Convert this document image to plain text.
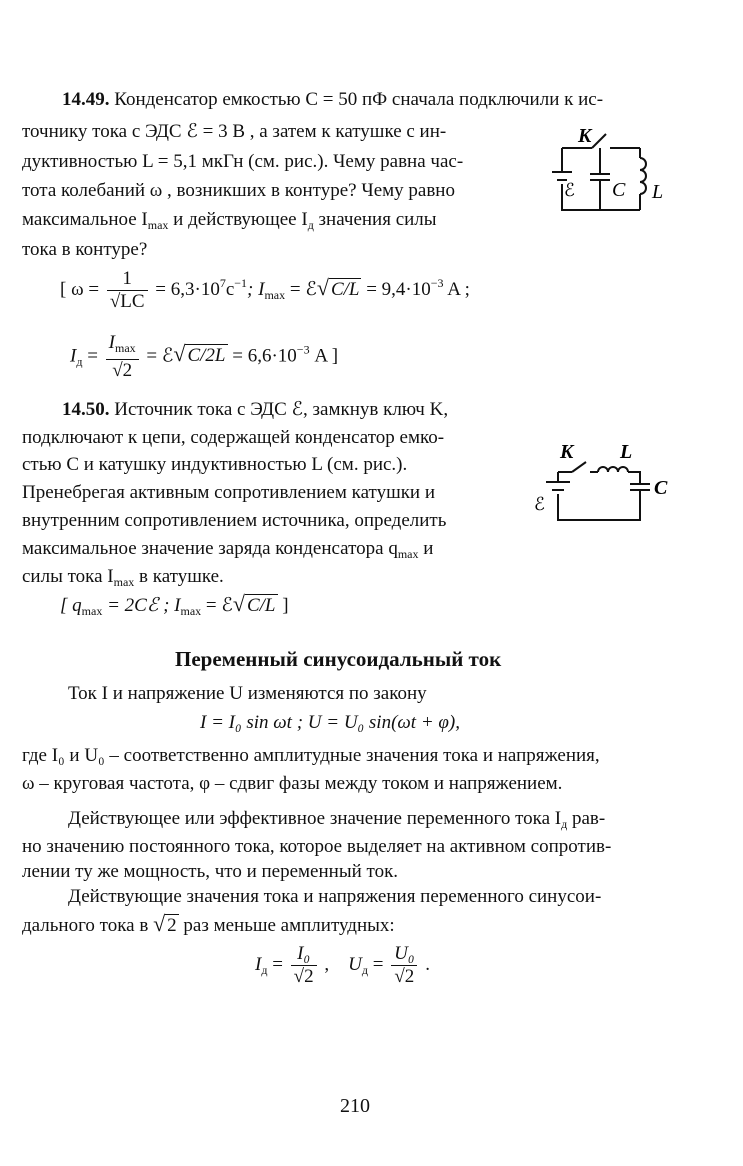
14.49. Конденсатор емкостью C = 50 пФ сначала подключили к ис-
точнику тока с ЭДС ℰ = 3 В , а затем к катушке с ин-
дуктивностью L = 5,1 мкГн (см. рис.). Чему равна час-
тота колебаний ω , возникших в контуре? Чему равно
максимальное $I_{max}$ и действующее $I_д$ значения силы
тока в контуре?
[ $\omega = \frac{1}{√LC} = 6,3\cdot 10^7с^{-1}$; $I_{max}$ = ℰ√ $C/L = 9,4\cdot 10^{-3}$ A ;
$I_д = \frac{I_{max}}{√2}$ = ℰ√ $C/2L = 6,6\cdot 10^{-3}$ A ]
K
ℰ C L
14.50. Источник тока с ЭДС ℰ, замкнув ключ K,
подключают к цепи, содержащей конденсатор емко-
стью C и катушку индуктивностью L (см. рис.).
Пренебрегая активным сопротивлением катушки и
внутренним сопротивлением источника, определить
максимальное значение заряда конденсатора $q_{max}$ и
силы тока $I_{max}$ в катушке.
[ $q_{max}$ = 2Cℰ ; $I_{max}$ = ℰ√ C/L ]
K L
ℰ
C
Переменный синусоидальный ток
Ток I и напряжение U изменяются по закону
I = I₀ sin ωt ; U = U₀ sin(ωt + φ),
где I₀ и U₀ – соответственно амплитудные значения тока и напряжения,
ω – круговая частота, φ – сдвиг фазы между током и напряжением.
Действующее или эффективное значение переменного тока $I_д$ рав-
но значению постоянного тока, которое выделяет на активном сопротив-
лении ту же мощность, что и переменный ток.
Действующие значения тока и напряжения переменного синусои-
дального тока в √ 2 раз меньше амплитудных:
$I_д = \frac{\text{I₀}}{√2}$ , $U_д = \frac{\text{U₀}}{√2}$ .
210
